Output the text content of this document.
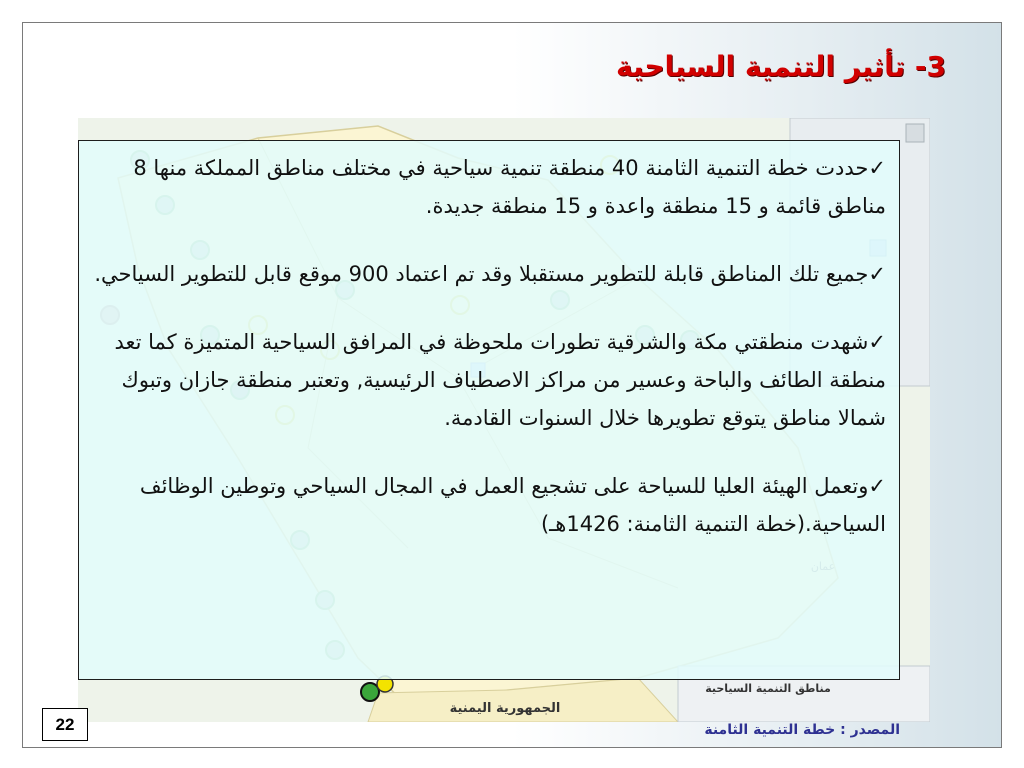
3- تأثير التنمية السياحية
مناطق التنمية السياحية
الجمهورية اليمنية

✓حددت خطة التنمية الثامنة 40 منطقة تنمية سياحية في مختلف مناطق المملكة منها 8 مناطق قائمة و 15 منطقة واعدة و 15 منطقة جديدة.

✓جميع تلك المناطق قابلة للتطوير مستقبلا وقد تم اعتماد 900 موقع قابل للتطوير السياحي.

✓شهدت منطقتي مكة والشرقية تطورات ملحوظة في المرافق السياحية المتميزة كما تعد منطقة الطائف والباحة وعسير من مراكز الاصطياف الرئيسية, وتعتبر منطقة جازان وتبوك شمالا مناطق يتوقع تطويرها خلال السنوات القادمة.

✓وتعمل الهيئة العليا للسياحة على تشجيع العمل في المجال السياحي وتوطين الوظائف السياحية.(خطة التنمية الثامنة: 1426هـ)

22	المصدر : خطة التنمية الثامنة
